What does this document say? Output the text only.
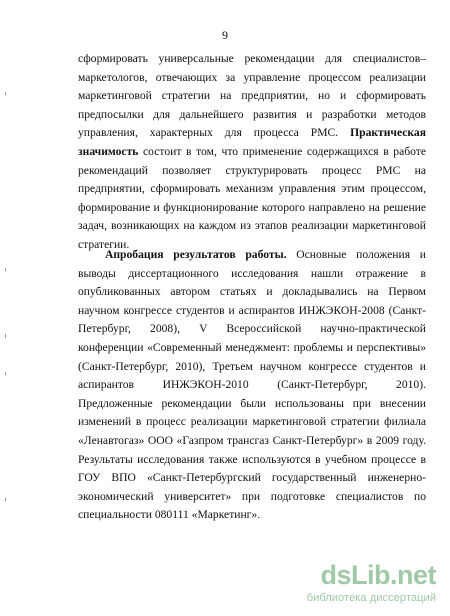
9

сформировать универсальные рекомендации для специалистов–маркетологов, отвечающих за управление процессом реализации маркетинговой стратегии на предприятии, но и сформировать предпосылки для дальнейшего развития и разработки методов управления, характерных для процесса РМС. Практическая значимость состоит в том, что применение содержащихся в работе рекомендаций позволяет структурировать процесс РМС на предприятии, сформировать механизм управления этим процессом, формирование и функционирование которого направлено на решение задач, возникающих на каждом из этапов реализации маркетинговой стратегии.

Апробация результатов работы. Основные положения и выводы диссертационного исследования нашли отражение в опубликованных автором статьях и докладывались на Первом научном конгрессе студентов и аспирантов ИНЖЭКОН-2008 (Санкт-Петербург, 2008), V Всероссийской научно-практической конференции «Современный менеджмент: проблемы и перспективы» (Санкт-Петербург, 2010), Третьем научном конгрессе студентов и аспирантов ИНЖЭКОН-2010 (Санкт-Петербург, 2010). Предложенные рекомендации были использованы при внесении изменений в процесс реализации маркетинговой стратегии филиала «Ленавтогаз» ООО «Газпром трансгаз Санкт-Петербург» в 2009 году. Результаты исследования также используются в учебном процессе в ГОУ ВПО «Санкт-Петербургский государственный инженерно-экономический университет» при подготовке специалистов по специальности 080111 «Маркетинг».

dsLib.net
библиотека диссертаций
